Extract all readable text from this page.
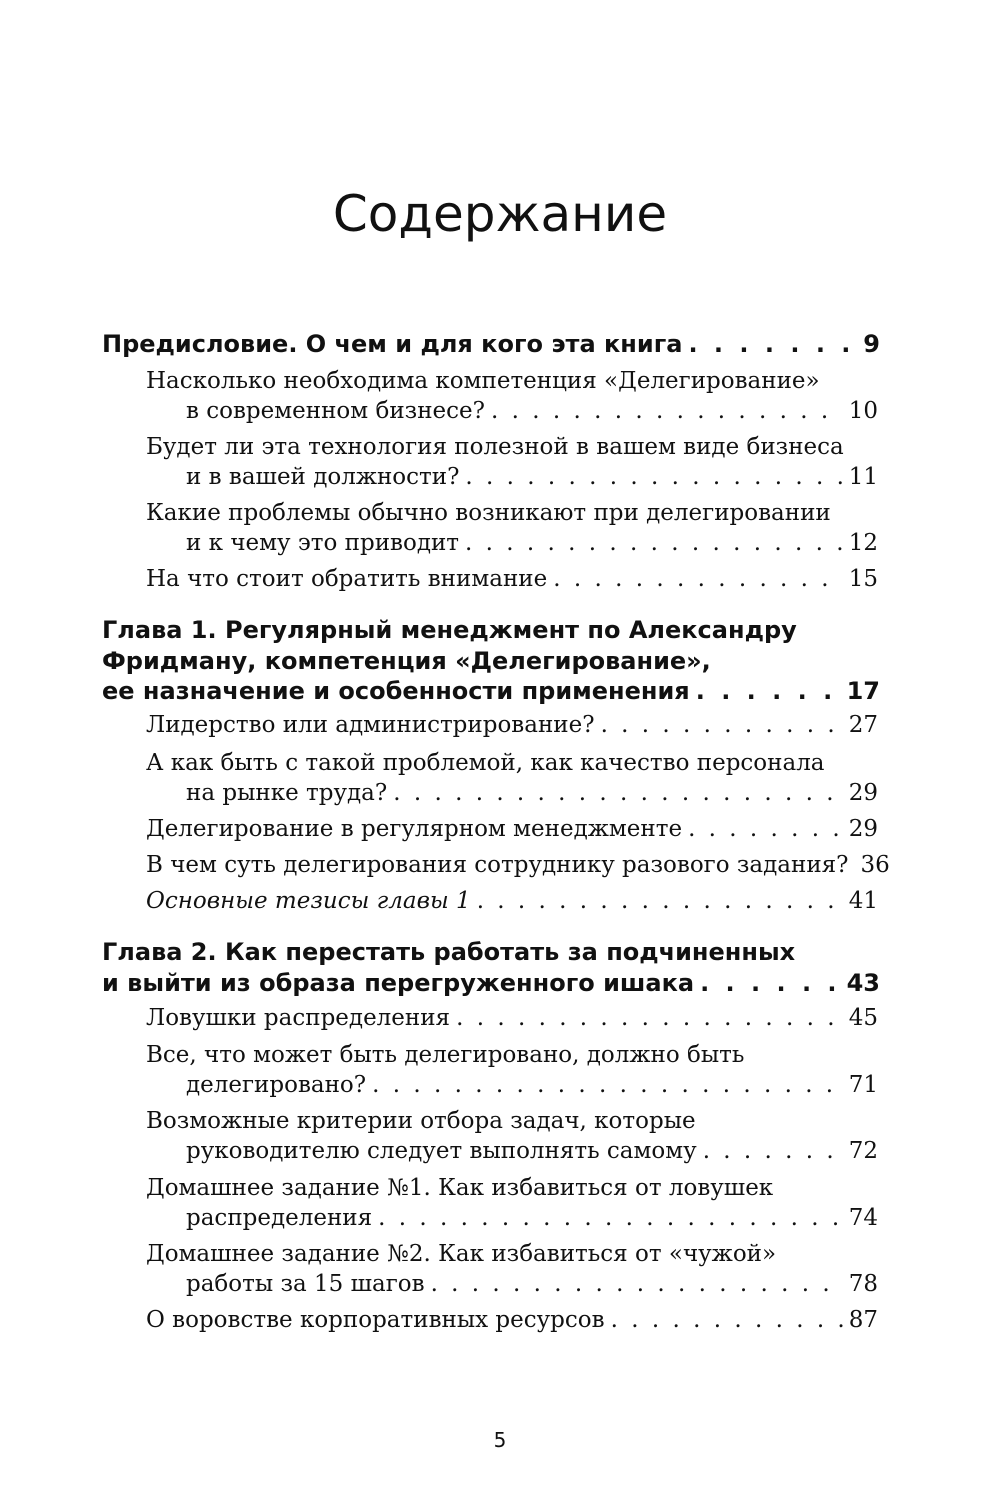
Содержание
Предисловие. О чем и для кого эта книга . . .	9
Насколько необходима компетенция «Делегирование»
в современном бизнесе? . . .	10
Будет ли эта технология полезной в вашем виде бизнеса
и в вашей должности? . . .	11
Какие проблемы обычно возникают при делегировании
и к чему это приводит . . .	12
На что стоит обратить внимание . . .	15
Глава 1. Регулярный менеджмент по Александру
Фридману, компетенция «Делегирование»,
ее назначение и особенности применения . . .	17
Лидерство или администрирование? . . .	27
А как быть с такой проблемой, как качество персонала
на рынке труда? . . .	29
Делегирование в регулярном менеджменте . . .	29
В чем суть делегирования сотруднику разового задания? 36
Основные тезисы главы 1 . . .	41
Глава 2. Как перестать работать за подчиненных
и выйти из образа перегруженного ишака . . .	43
Ловушки распределения . . .	45
Все, что может быть делегировано, должно быть
делегировано? . . .	71
Возможные критерии отбора задач, которые
руководителю следует выполнять самому . . .	72
Домашнее задание №1. Как избавиться от ловушек
распределения . . .	74
Домашнее задание №2. Как избавиться от «чужой»
работы за 15 шагов . . .	78
О воровстве корпоративных ресурсов . . .	87
5
